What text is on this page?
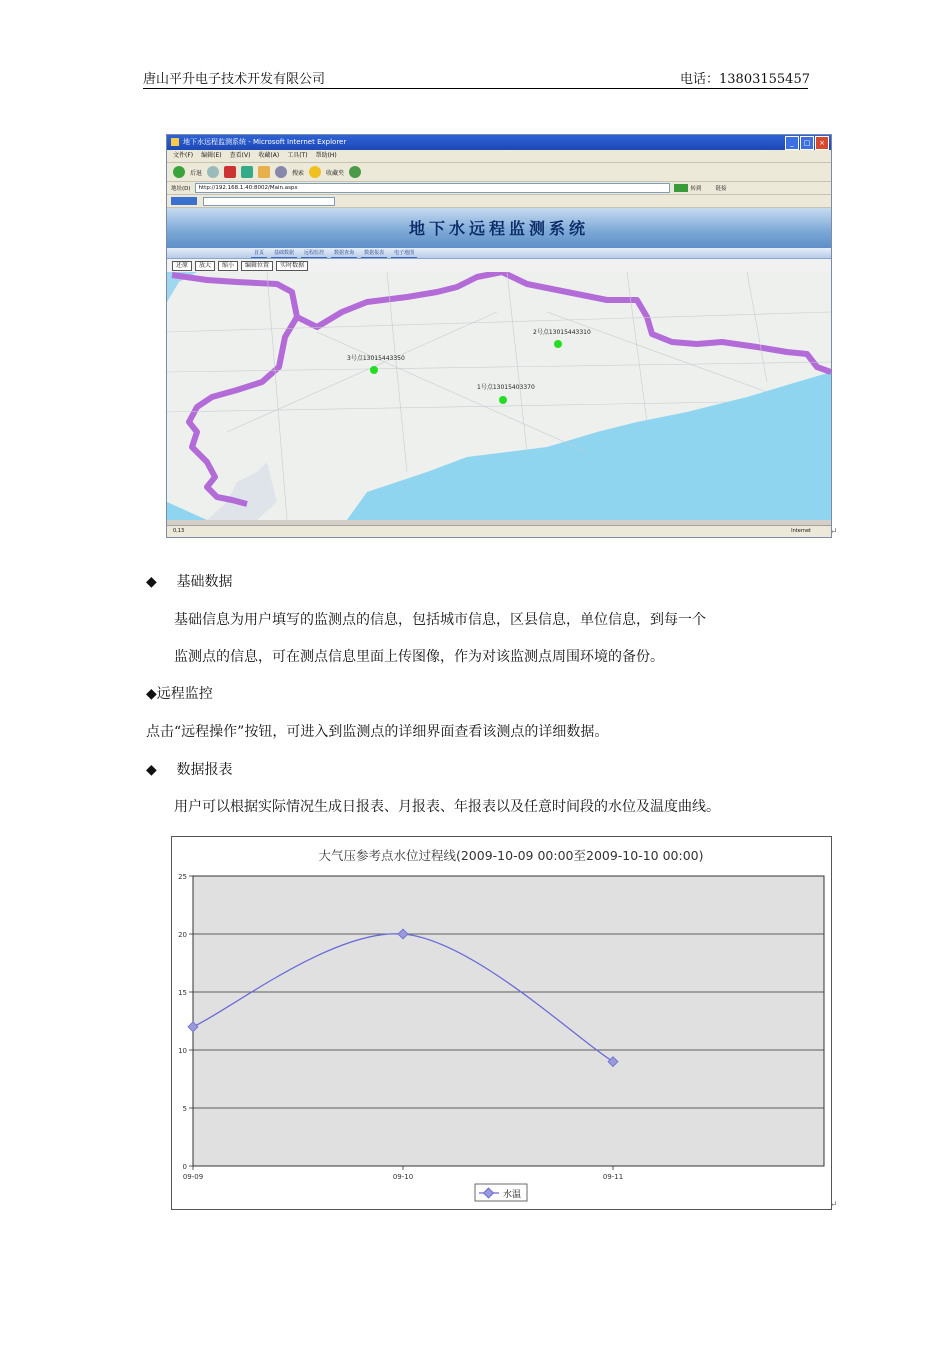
唐山平升电子技术开发有限公司	电话：13803155457
地下水远程监测系统 - Microsoft Internet Explorer	_	□	×
文件(F) 编辑(E) 查看(V) 收藏(A) 工具(T) 帮助(H)
后退	搜索	收藏夹
地址(D)	http://192.168.1.40:8002/Main.aspx	转到	链接
地下水远程监测系统
首页	基础数据	远程监控	数据查询	数据报表	电子地图
还原	放大	缩小	编辑位置	实时数据
2号点13015443310
3号点13015443350
1号点13015403370
0,13	Internet
◆ 基础数据
基础信息为用户填写的监测点的信息，包括城市信息，区县信息，单位信息，到每一个
监测点的信息，可在测点信息里面上传图像，作为对该监测点周围环境的备份。
◆远程监控
点击“远程操作”按钮，可进入到监测点的详细界面查看该测点的详细数据。
◆ 数据报表
用户可以根据实际情况生成日报表、月报表、年报表以及任意时间段的水位及温度曲线。
大气压参考点水位过程线(2009-10-09 00:00至2009-10-10 00:00)
0
5
10
15
20
25
09-09	09-10	09-11
水温
↵
↵
